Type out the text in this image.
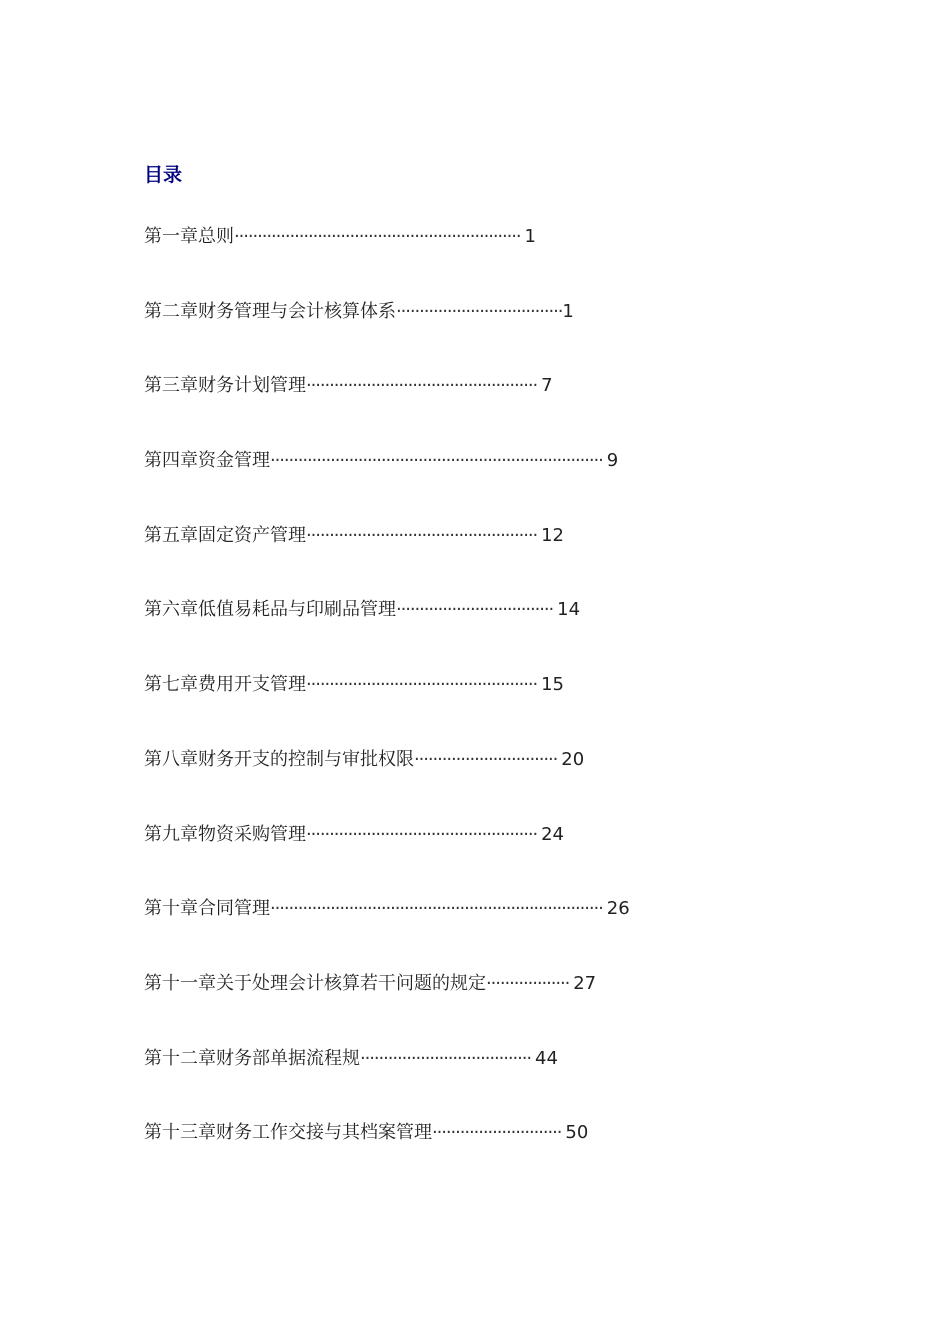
目录
第一章总则······························································ 1
第二章财务管理与会计核算体系····································1
第三章财务计划管理·················································· 7
第四章资金管理········································································ 9
第五章固定资产管理·················································· 12
第六章低值易耗品与印刷品管理·································· 14
第七章费用开支管理·················································· 15
第八章财务开支的控制与审批权限······························· 20
第九章物资采购管理·················································· 24
第十章合同管理········································································ 26
第十一章关于处理会计核算若干问题的规定·················· 27
第十二章财务部单据流程规····································· 44
第十三章财务工作交接与其档案管理···························· 50
